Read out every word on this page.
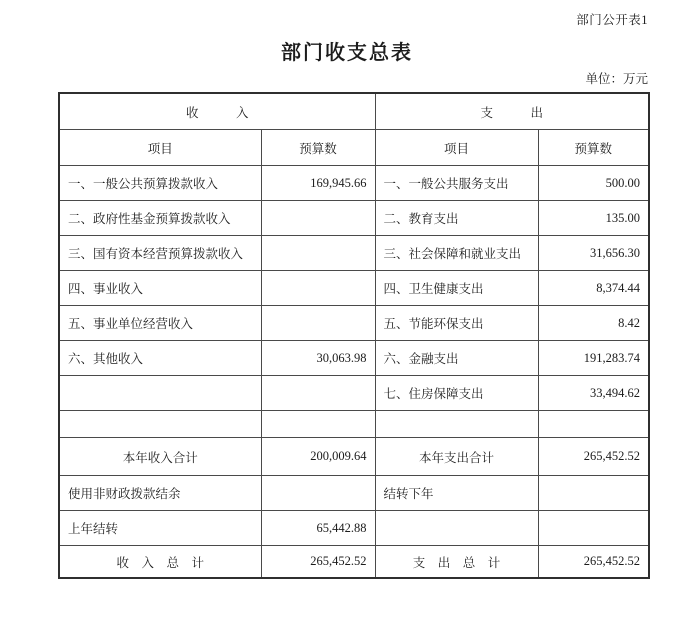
部门公开表1
部门收支总表
单位：万元
收　　　入		支　　　出	
项目	预算数	项目	预算数
一、一般公共预算拨款收入	169,945.66	一、一般公共服务支出	500.00
二、政府性基金预算拨款收入		二、教育支出	135.00
三、国有资本经营预算拨款收入		三、社会保障和就业支出	31,656.30
四、事业收入		四、卫生健康支出	8,374.44
五、事业单位经营收入		五、节能环保支出	8.42
六、其他收入	30,063.98	六、金融支出	191,283.74
		七、住房保障支出	33,494.62

本年收入合计	200,009.64	本年支出合计	265,452.52
使用非财政拨款结余		结转下年	
上年结转	65,442.88		
收　入　总　计	265,452.52	支　出　总　计	265,452.52
